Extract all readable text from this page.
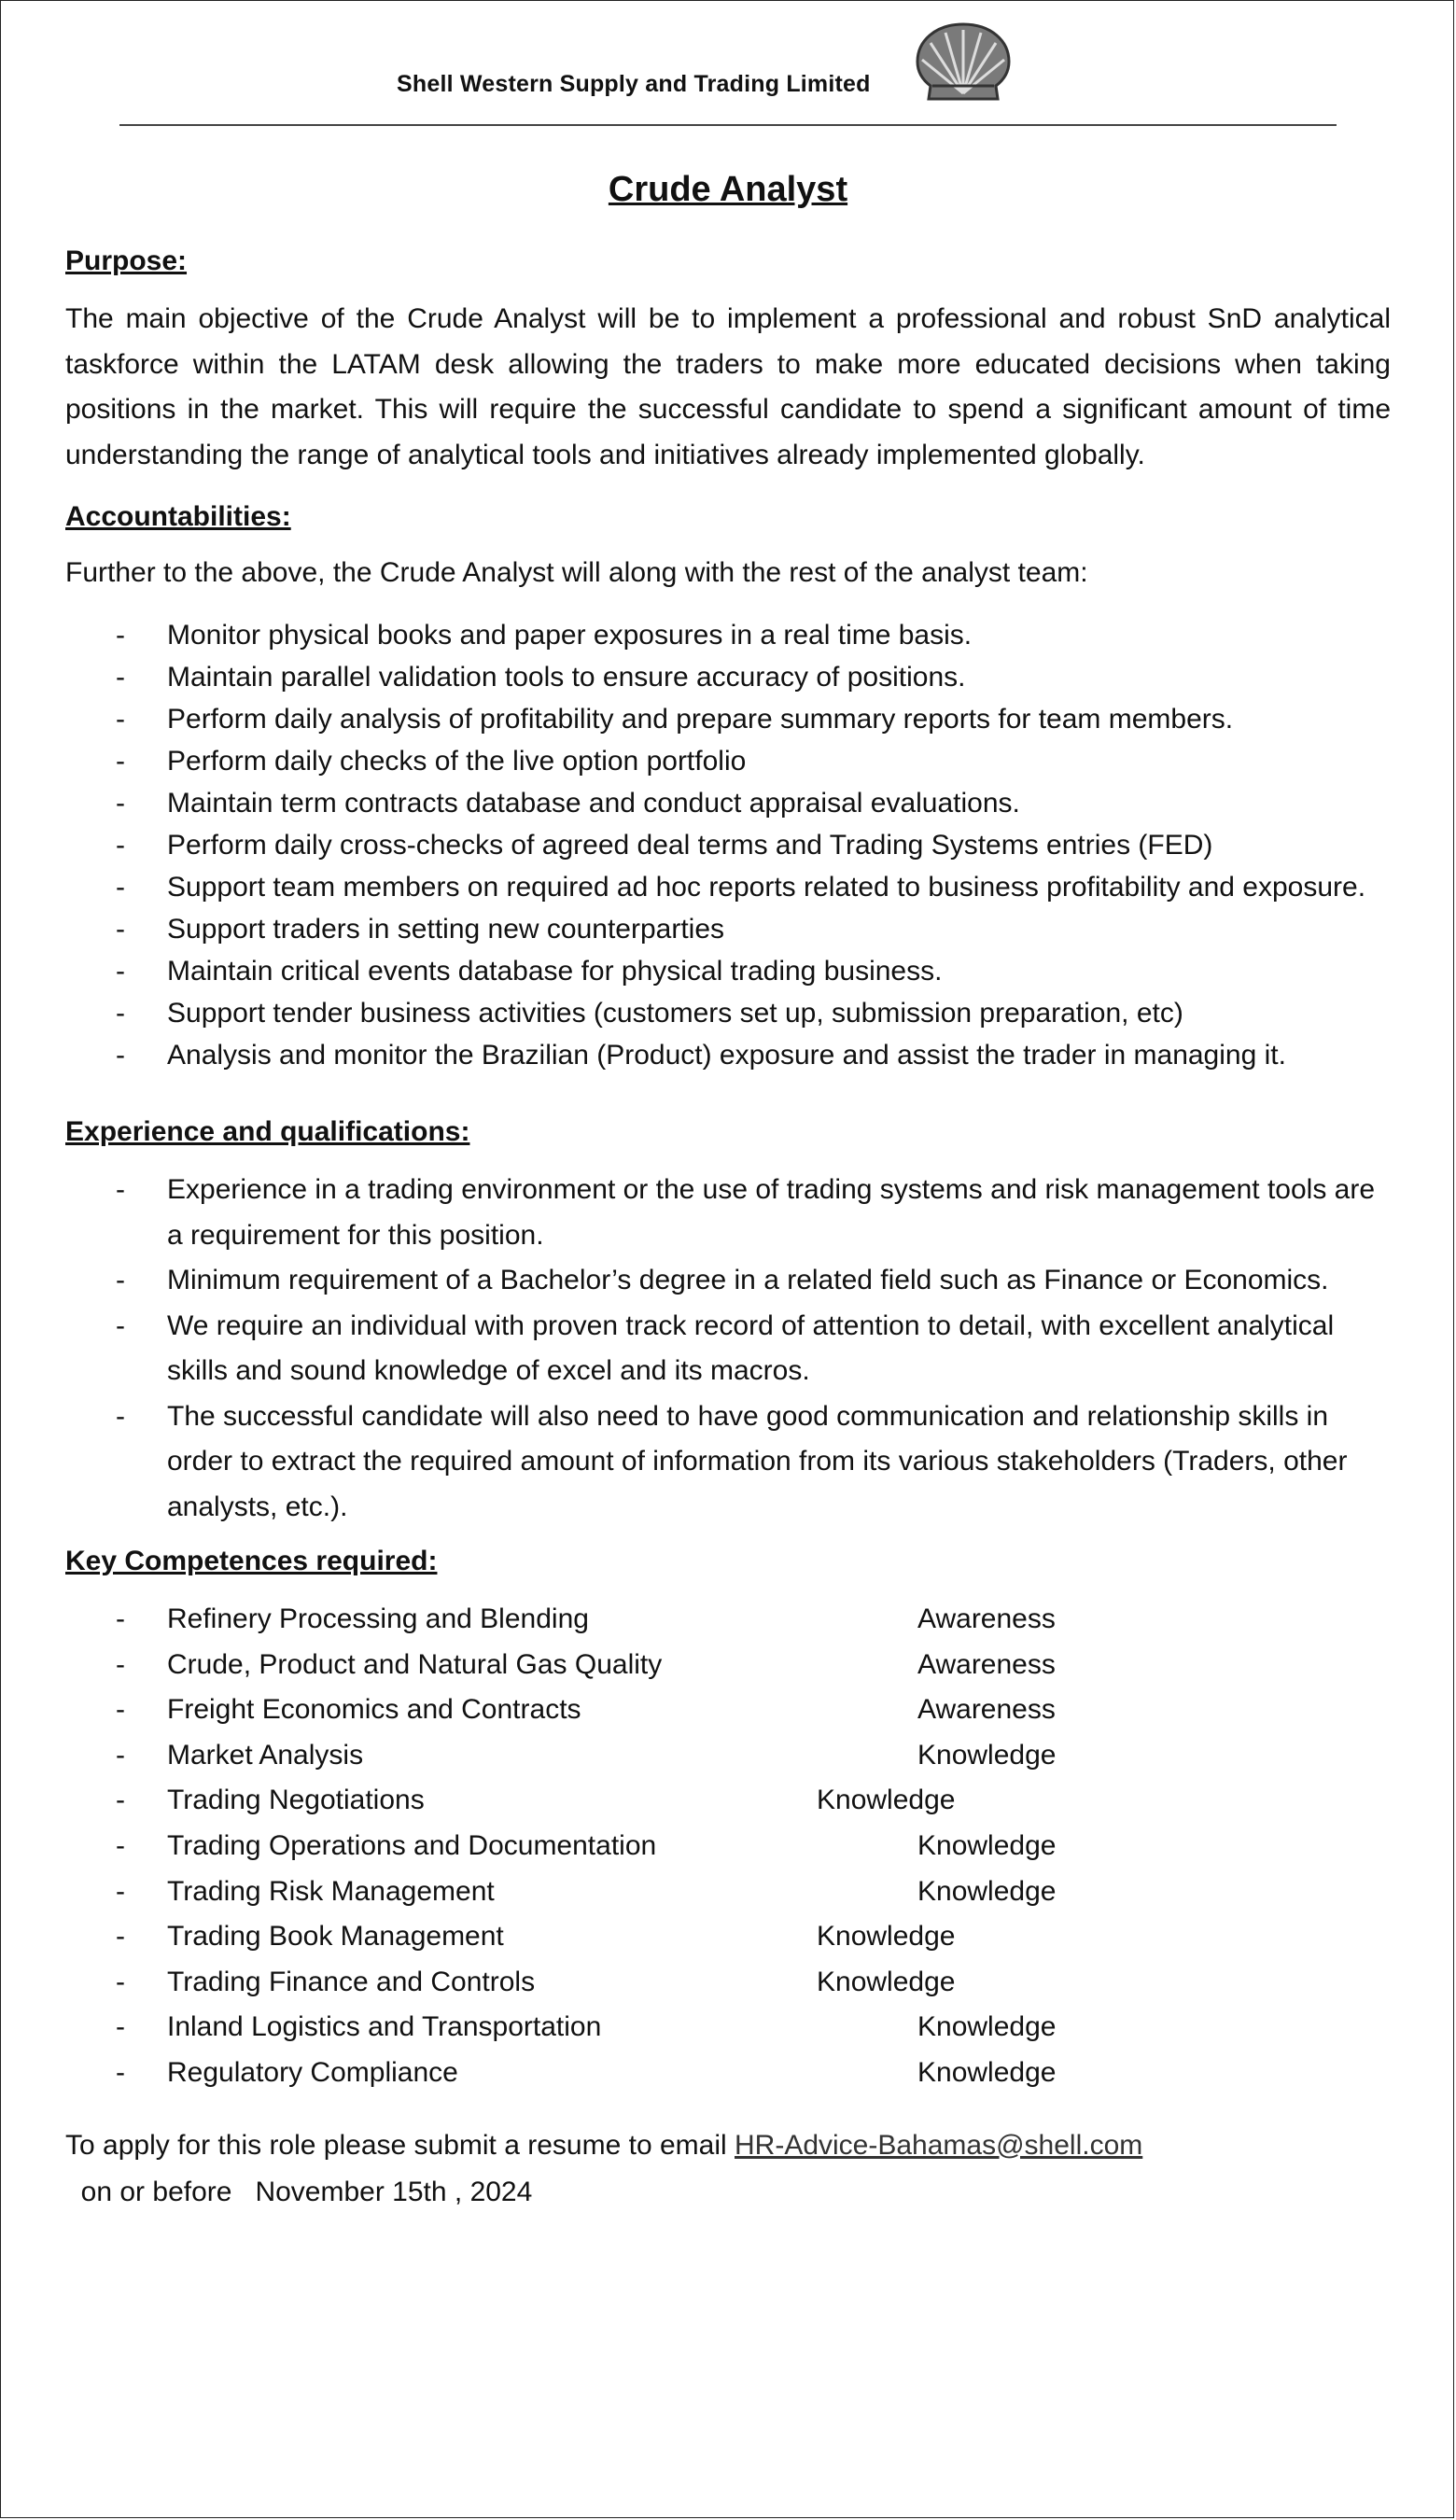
Shell Western Supply and Trading Limited
Crude Analyst
Purpose:

The main objective of the Crude Analyst will be to implement a professional and robust SnD analytical taskforce within the LATAM desk allowing the traders to make more educated decisions when taking positions in the market. This will require the successful candidate to spend a significant amount of time understanding the range of analytical tools and initiatives already implemented globally.

Accountabilities:

Further to the above, the Crude Analyst will along with the rest of the analyst team:

- Monitor physical books and paper exposures in a real time basis.
- Maintain parallel validation tools to ensure accuracy of positions.
- Perform daily analysis of profitability and prepare summary reports for team members.
- Perform daily checks of the live option portfolio
- Maintain term contracts database and conduct appraisal evaluations.
- Perform daily cross-checks of agreed deal terms and Trading Systems entries (FED)
- Support team members on required ad hoc reports related to business profitability and exposure.
- Support traders in setting new counterparties
- Maintain critical events database for physical trading business.
- Support tender business activities (customers set up, submission preparation, etc)
- Analysis and monitor the Brazilian (Product) exposure and assist the trader in managing it.
Experience and qualifications:
- Experience in a trading environment or the use of trading systems and risk management tools are a requirement for this position.
- Minimum requirement of a Bachelor’s degree in a related field such as Finance or Economics.
- We require an individual with proven track record of attention to detail, with excellent analytical skills and sound knowledge of excel and its macros.
- The successful candidate will also need to have good communication and relationship skills in order to extract the required amount of information from its various stakeholders (Traders, other analysts, etc.).
Key Competences required:
-	Refinery Processing and Blending	Awareness
-	Crude, Product and Natural Gas Quality	Awareness
-	Freight Economics and Contracts	Awareness
-	Market Analysis	Knowledge
-	Trading Negotiations	Knowledge
-	Trading Operations and Documentation	Knowledge
-	Trading Risk Management	Knowledge
-	Trading Book Management	Knowledge
-	Trading Finance and Controls	Knowledge
-	Inland Logistics and Transportation	Knowledge
-	Regulatory Compliance	Knowledge

To apply for this role please submit a resume to email HR-Advice-Bahamas@shell.com  on or before   November 15th , 2024
